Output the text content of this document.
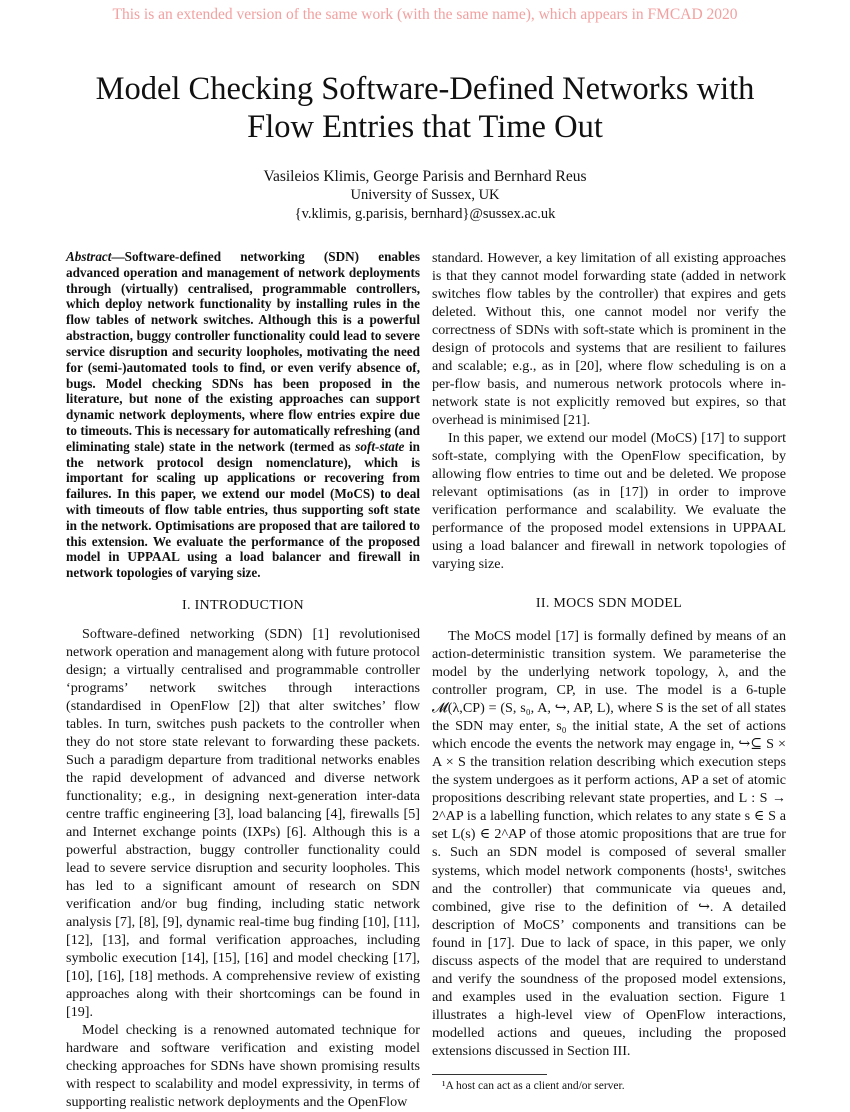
This is an extended version of the same work (with the same name), which appears in FMCAD 2020
Model Checking Software-Defined Networks with
Flow Entries that Time Out
Vasileios Klimis, George Parisis and Bernhard Reus
University of Sussex, UK
{v.klimis, g.parisis, bernhard}@sussex.ac.uk

Abstract—Software-defined networking (SDN) enables advanced operation and management of network deployments through (virtually) centralised, programmable controllers, which deploy network functionality by installing rules in the flow tables of network switches. Although this is a powerful abstraction, buggy controller functionality could lead to severe service disruption and security loopholes, motivating the need for (semi-)automated tools to find, or even verify absence of, bugs. Model checking SDNs has been proposed in the literature, but none of the existing approaches can support dynamic network deployments, where flow entries expire due to timeouts. This is necessary for automatically refreshing (and eliminating stale) state in the network (termed as soft-state in the network protocol design nomenclature), which is important for scaling up applications or recovering from failures. In this paper, we extend our model (MoCS) to deal with timeouts of flow table entries, thus supporting soft state in the network. Optimisations are proposed that are tailored to this extension. We evaluate the performance of the proposed model in UPPAAL using a load balancer and firewall in network topologies of varying size.

I. INTRODUCTION

Software-defined networking (SDN) [1] revolutionised network operation and management along with future protocol design; a virtually centralised and programmable controller ‘programs’ network switches through interactions (standardised in OpenFlow [2]) that alter switches’ flow tables. In turn, switches push packets to the controller when they do not store state relevant to forwarding these packets. Such a paradigm departure from traditional networks enables the rapid development of advanced and diverse network functionality; e.g., in designing next-generation inter-data centre traffic engineering [3], load balancing [4], firewalls [5] and Internet exchange points (IXPs) [6]. Although this is a powerful abstraction, buggy controller functionality could lead to severe service disruption and security loopholes. This has led to a significant amount of research on SDN verification and/or bug finding, including static network analysis [7], [8], [9], dynamic real-time bug finding [10], [11], [12], [13], and formal verification approaches, including symbolic execution [14], [15], [16] and model checking [17], [10], [16], [18] methods. A comprehensive review of existing approaches along with their shortcomings can be found in [19].

Model checking is a renowned automated technique for hardware and software verification and existing model checking approaches for SDNs have shown promising results with respect to scalability and model expressivity, in terms of supporting realistic network deployments and the OpenFlow

standard. However, a key limitation of all existing approaches is that they cannot model forwarding state (added in network switches flow tables by the controller) that expires and gets deleted. Without this, one cannot model nor verify the correctness of SDNs with soft-state which is prominent in the design of protocols and systems that are resilient to failures and scalable; e.g., as in [20], where flow scheduling is on a per-flow basis, and numerous network protocols where in-network state is not explicitly removed but expires, so that overhead is minimised [21].

In this paper, we extend our model (MoCS) [17] to support soft-state, complying with the OpenFlow specification, by allowing flow entries to time out and be deleted. We propose relevant optimisations (as in [17]) in order to improve verification performance and scalability. We evaluate the performance of the proposed model extensions in UPPAAL using a load balancer and firewall in network topologies of varying size.

II. MOCS SDN MODEL

The MoCS model [17] is formally defined by means of an action-deterministic transition system. We parameterise the model by the underlying network topology, λ, and the controller program, CP, in use. The model is a 6-tuple 𝓜(λ,CP) = (S, s₀, A, ↪, AP, L), where S is the set of all states the SDN may enter, s₀ the initial state, A the set of actions which encode the events the network may engage in, ↪⊆ S × A × S the transition relation describing which execution steps the system undergoes as it perform actions, AP a set of atomic propositions describing relevant state properties, and L : S → 2^AP is a labelling function, which relates to any state s ∈ S a set L(s) ∈ 2^AP of those atomic propositions that are true for s. Such an SDN model is composed of several smaller systems, which model network components (hosts¹, switches and the controller) that communicate via queues and, combined, give rise to the definition of ↪. A detailed description of MoCS’ components and transitions can be found in [17]. Due to lack of space, in this paper, we only discuss aspects of the model that are required to understand and verify the soundness of the proposed model extensions, and examples used in the evaluation section. Figure 1 illustrates a high-level view of OpenFlow interactions, modelled actions and queues, including the proposed extensions discussed in Section III.

¹A host can act as a client and/or server.
